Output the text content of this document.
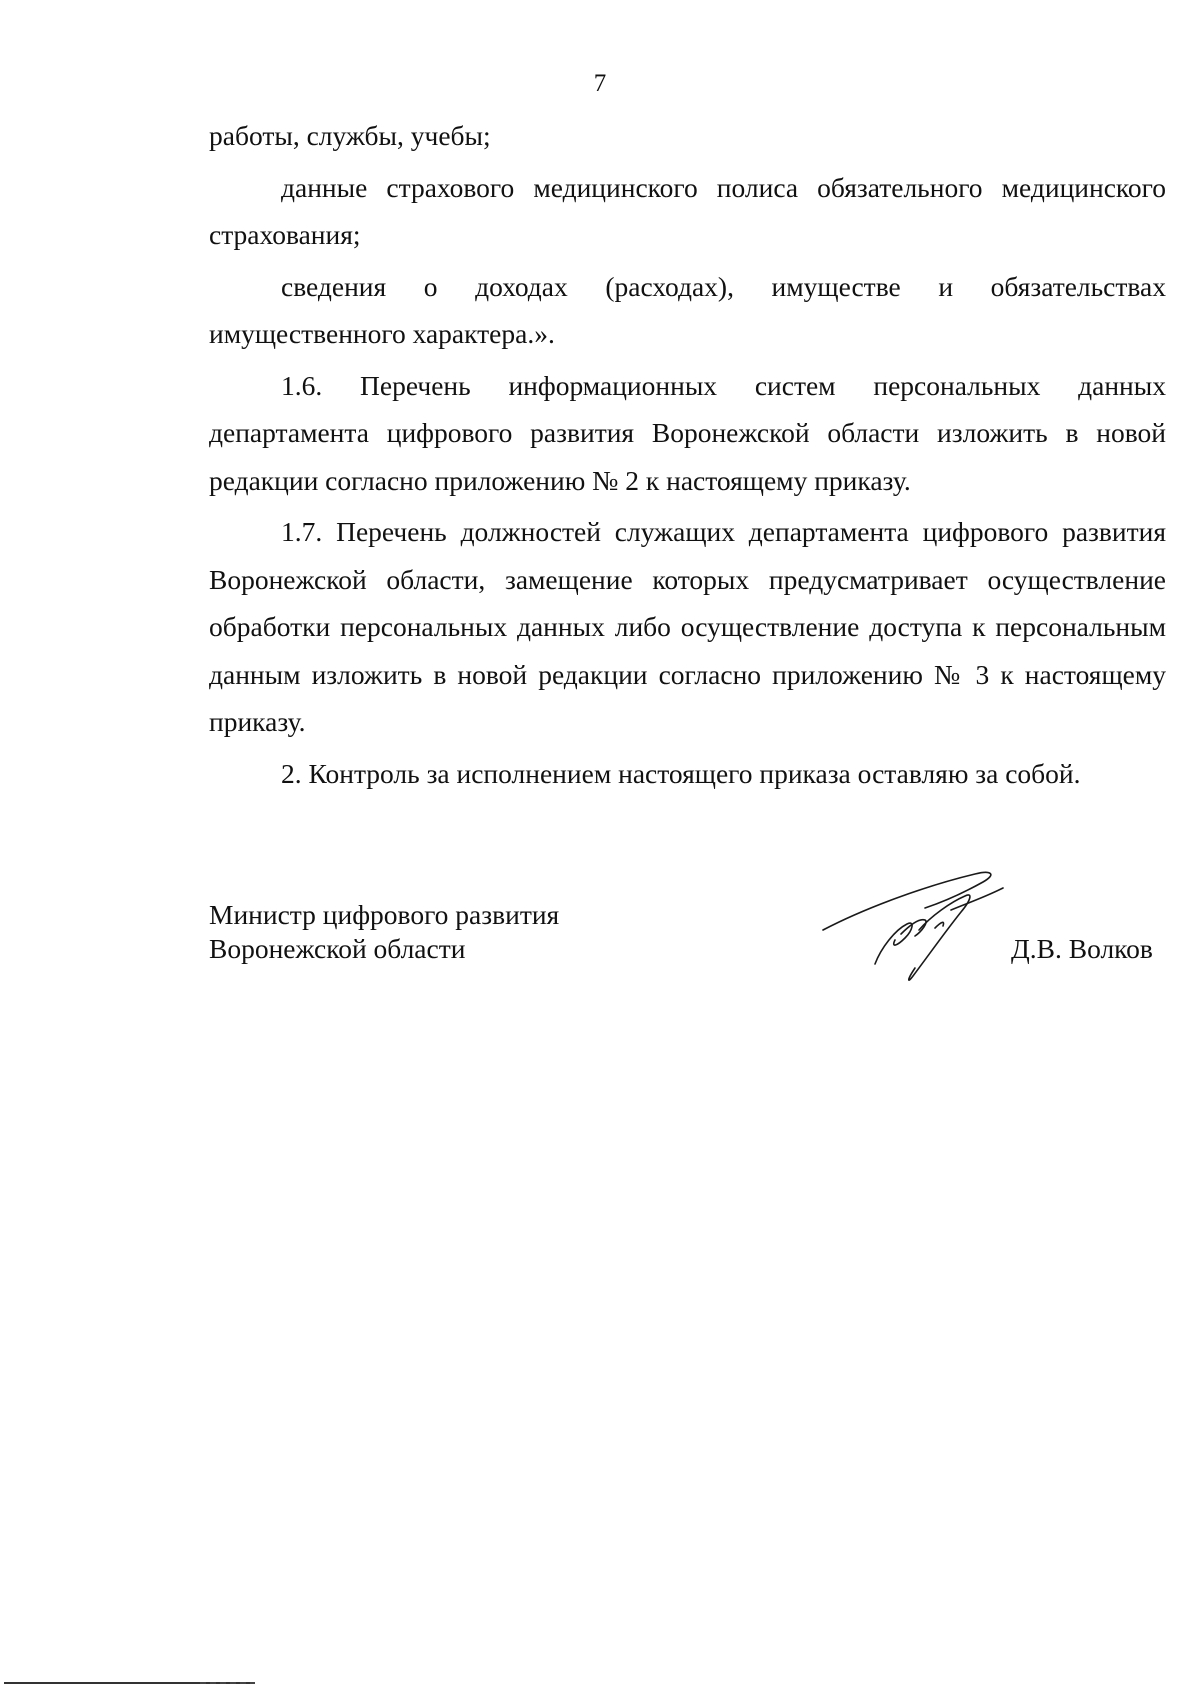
7

работы, службы, учебы;

данные страхового медицинского полиса обязательного медицинского страхования;

сведения о доходах (расходах), имуществе и обязательствах имущественного характера.».

1.6. Перечень информационных систем персональных данных департамента цифрового развития Воронежской области изложить в новой редакции согласно приложению № 2 к настоящему приказу.

1.7. Перечень должностей служащих департамента цифрового развития Воронежской области, замещение которых предусматривает осуществление обработки персональных данных либо осуществление доступа к персональным данным изложить в новой редакции согласно приложению № 3 к настоящему приказу.

2. Контроль за исполнением настоящего приказа оставляю за собой.

Министр цифрового развития
Воронежской области	Д.В. Волков
